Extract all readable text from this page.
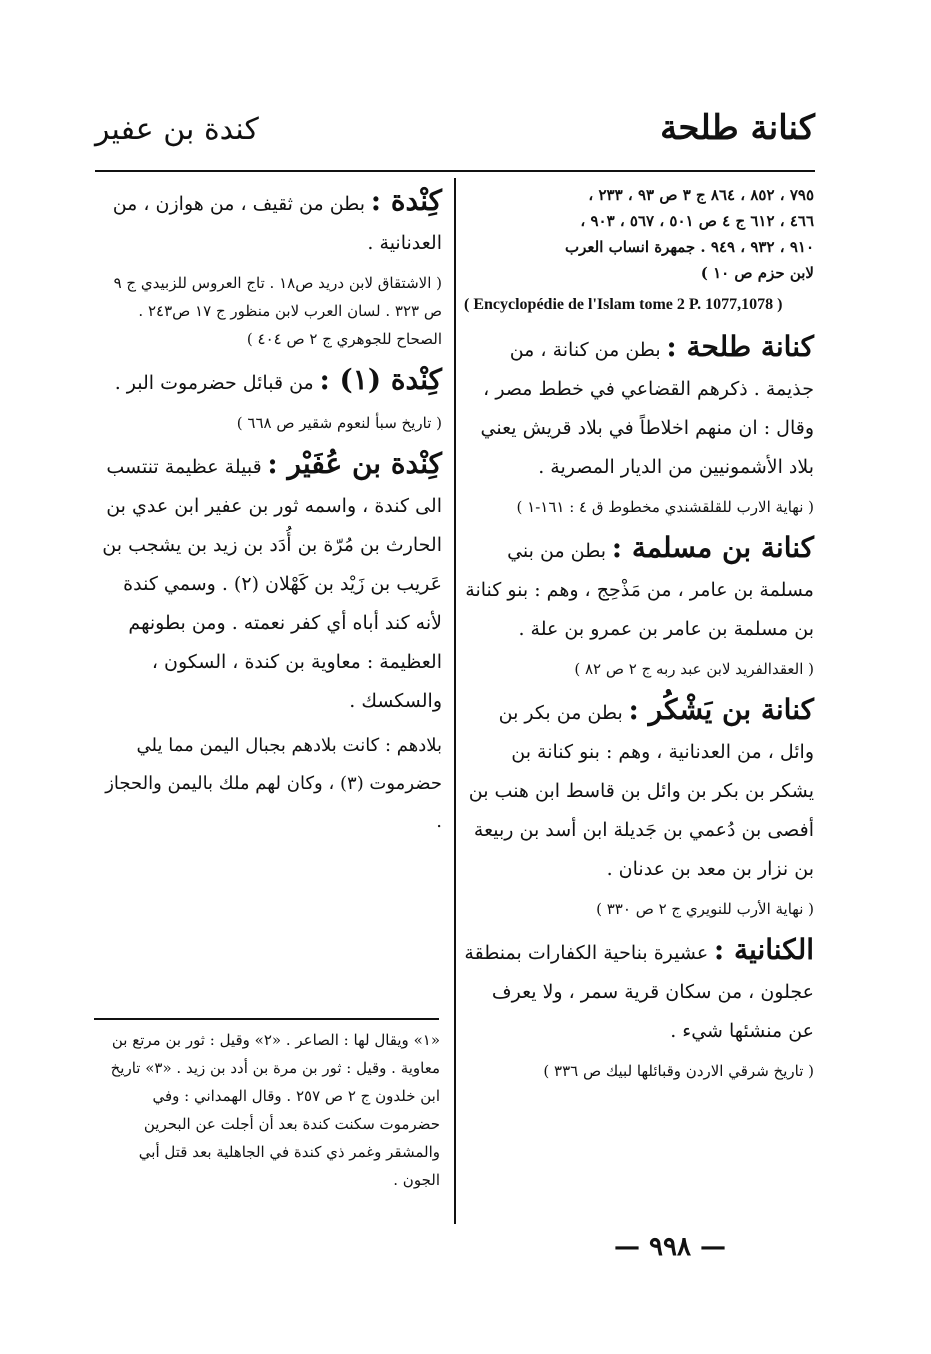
كنانة طلحة
كندة بن عفير

٧٩٥ ، ٨٥٢ ، ٨٦٤ ج ٣ ص ٩٣ ، ٢٣٣ ،

٤٦٦ ، ٦١٢ ج ٤ ص ٥٠١ ، ٥٦٧ ، ٩٠٣ ،

٩١٠ ، ٩٣٢ ، ٩٤٩ . جمهرة انساب العرب

لابن حزم ص ١٠ )

( Encyclopédie de l'Islam tome 2 P. 1077,1078 )

كنانة طلحة : بطن من كنانة ، من جذيمة . ذكرهم القضاعي في خطط مصر ، وقال : ان منهم اخلاطاً في بلاد قريش يعني بلاد الأشمونيين من الديار المصرية .

( نهاية الارب للقلقشندي مخطوط ق ٤ : ١٦١-١ )

كنانة بن مسلمة : بطن من بني مسلمة بن عامر ، من مَذْحِج ، وهم : بنو كنانة بن مسلمة بن عامر بن عمرو بن علة .

( العقدالفريد لابن عبد ربه ج ٢ ص ٨٢ )

كنانة بن يَشْكُر : بطن من بكر بن وائل ، من العدنانية ، وهم : بنو كنانة بن يشكر بن بكر بن وائل بن قاسط ابن هنب بن أفصى بن دُعمي بن جَديلة ابن أسد بن ربيعة بن نزار بن معد بن عدنان .

( نهاية الأرب للنويري ج ٢ ص ٣٣٠ )

الكنانية : عشيرة بناحية الكفارات بمنطقة عجلون ، من سكان قرية سمر ، ولا يعرف عن منشئها شيء .

( تاريخ شرقي الاردن وقبائلها لبيك ص ٣٣٦ )

كِنْدة : بطن من ثقيف ، من هوازن ، من العدنانية .

( الاشتقاق لابن دريد ص١٨ . تاج العروس للزبيدي ج ٩ ص ٣٢٣ . لسان العرب لابن منظور ج ١٧ ص٢٤٣ . الصحاح للجوهري ج ٢ ص ٤٠٤ )

كِنْدة (١) : من قبائل حضرموت البر .

( تاريخ سبأ لنعوم شقير ص ٦٦٨ )

كِنْدة بن عُفَيْر : قبيلة عظيمة تنتسب الى كندة ، واسمه ثور بن عفير ابن عدي بن الحارث بن مُرّة بن أُدَد بن زيد بن يشجب بن عَريب بن زَيْد بن كَهْلان (٢) . وسمي كندة لأنه كند أباه أي كفر نعمته . ومن بطونهم العظيمة : معاوية بن كندة ، السكون ، والسكسك .

بلادهم : كانت بلادهم بجبال اليمن مما يلي حضرموت (٣) ، وكان لهم ملك باليمن والحجاز .

«١» ويقال لها : الصاعر . «٢» وقيل : ثور بن مرتع بن معاوية . وقيل : ثور بن مرة بن أدد بن زيد . «٣» تاريخ ابن خلدون ج ٢ ص ٢٥٧ . وقال الهمداني : وفي حضرموت سكنت كندة بعد أن أجلت عن البحرين والمشقر وغمر ذي كندة في الجاهلية بعد قتل أبي الجون .
— ٩٩٨ —
